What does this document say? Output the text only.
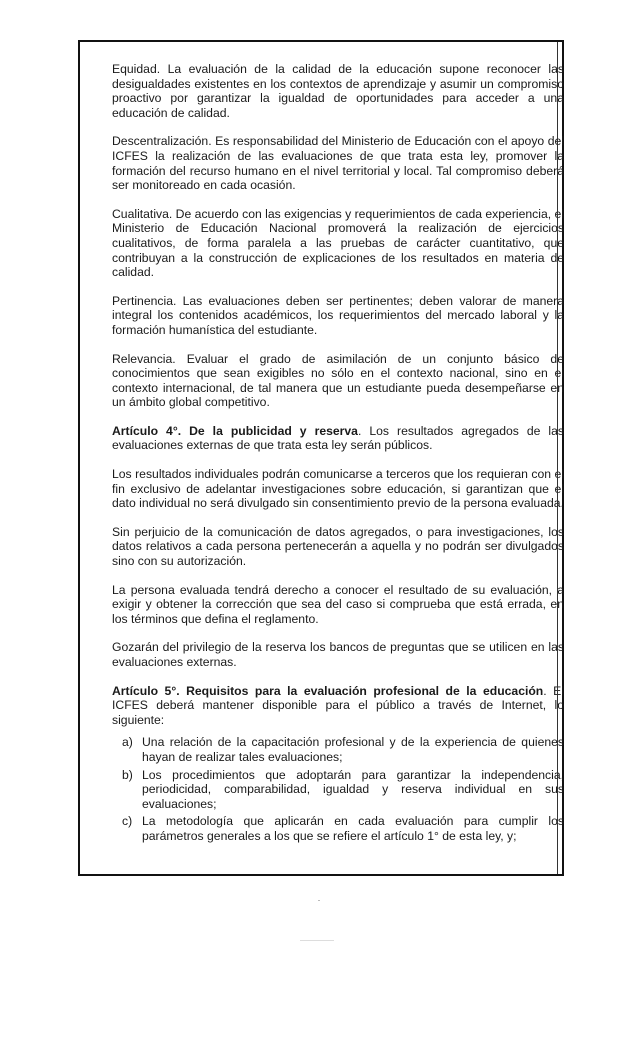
Equidad. La evaluación de la calidad de la educación supone reconocer las desigualdades existentes en los contextos de aprendizaje y asumir un compromiso proactivo por garantizar la igualdad de oportunidades para acceder a una educación de calidad.

Descentralización. Es responsabilidad del Ministerio de Educación con el apoyo del ICFES la realización de las evaluaciones de que trata esta ley, promover la formación del recurso humano en el nivel territorial y local. Tal compromiso deberá ser monitoreado en cada ocasión.

Cualitativa. De acuerdo con las exigencias y requerimientos de cada experiencia, el Ministerio de Educación Nacional promoverá la realización de ejercicios cualitativos, de forma paralela a las pruebas de carácter cuantitativo, que contribuyan a la construcción de explicaciones de los resultados en materia de calidad.

Pertinencia. Las evaluaciones deben ser pertinentes; deben valorar de manera integral los contenidos académicos, los requerimientos del mercado laboral y la formación humanística del estudiante.

Relevancia. Evaluar el grado de asimilación de un conjunto básico de conocimientos que sean exigibles no sólo en el contexto nacional, sino en el contexto internacional, de tal manera que un estudiante pueda desempeñarse en un ámbito global competitivo.

Artículo 4°. De la publicidad y reserva. Los resultados agregados de las evaluaciones externas de que trata esta ley serán públicos.

Los resultados individuales podrán comunicarse a terceros que los requieran con el fin exclusivo de adelantar investigaciones sobre educación, si garantizan que el dato individual no será divulgado sin consentimiento previo de la persona evaluada.

Sin perjuicio de la comunicación de datos agregados, o para investigaciones, los datos relativos a cada persona pertenecerán a aquella y no podrán ser divulgados sino con su autorización.

La persona evaluada tendrá derecho a conocer el resultado de su evaluación, a exigir y obtener la corrección que sea del caso si comprueba que está errada, en los términos que defina el reglamento.

Gozarán del privilegio de la reserva los bancos de preguntas que se utilicen en las evaluaciones externas.

Artículo 5°. Requisitos para la evaluación profesional de la educación. El ICFES deberá mantener disponible para el público a través de Internet, lo siguiente:

a) Una relación de la capacitación profesional y de la experiencia de quienes hayan de realizar tales evaluaciones;
b) Los procedimientos que adoptarán para garantizar la independencia, periodicidad, comparabilidad, igualdad y reserva individual en sus evaluaciones;
c) La metodología que aplicarán en cada evaluación para cumplir los parámetros generales a los que se refiere el artículo 1° de esta ley, y;
